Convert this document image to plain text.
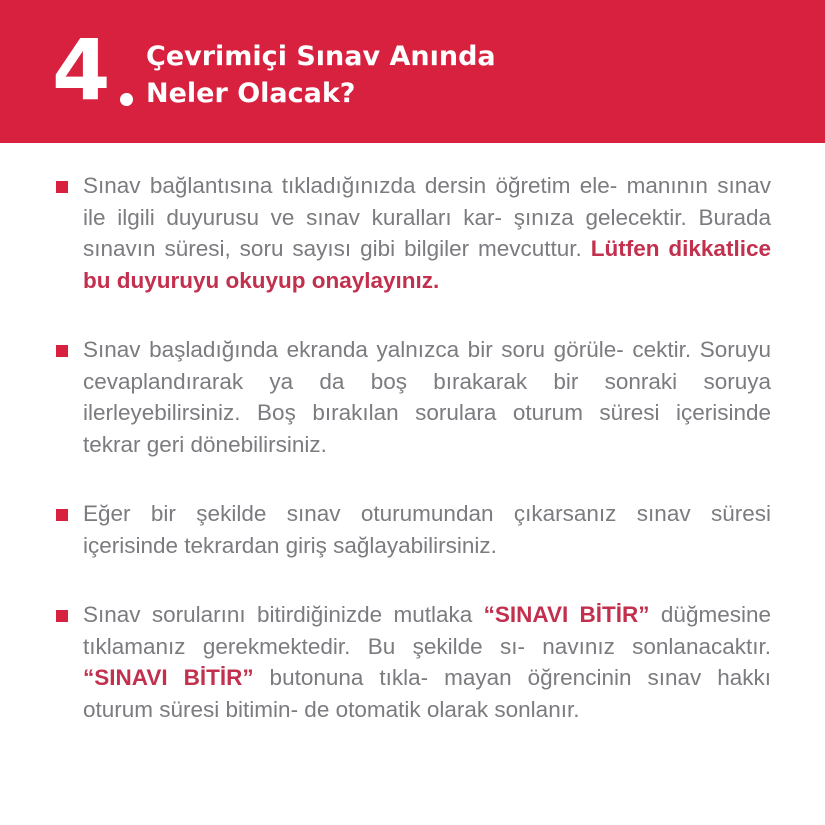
4 Çevrimiçi Sınav Anında
Neler Olacak?
Sınav bağlantısına tıkladığınızda dersin öğretim ele- manının sınav ile ilgili duyurusu ve sınav kuralları kar- şınıza gelecektir. Burada sınavın süresi, soru sayısı gibi bilgiler mevcuttur. Lütfen dikkatlice bu duyuruyu okuyup onaylayınız.
Sınav başladığında ekranda yalnızca bir soru görüle- cektir. Soruyu cevaplandırarak ya da boş bırakarak bir sonraki soruya ilerleyebilirsiniz. Boş bırakılan sorulara oturum süresi içerisinde tekrar geri dönebilirsiniz.
Eğer bir şekilde sınav oturumundan çıkarsanız sınav süresi içerisinde tekrardan giriş sağlayabilirsiniz.
Sınav sorularını bitirdiğinizde mutlaka “SINAVI BİTİR” düğmesine tıklamanız gerekmektedir. Bu şekilde sı- navınız sonlanacaktır. “SINAVI BİTİR” butonuna tıkla- mayan öğrencinin sınav hakkı oturum süresi bitimin- de otomatik olarak sonlanır.
